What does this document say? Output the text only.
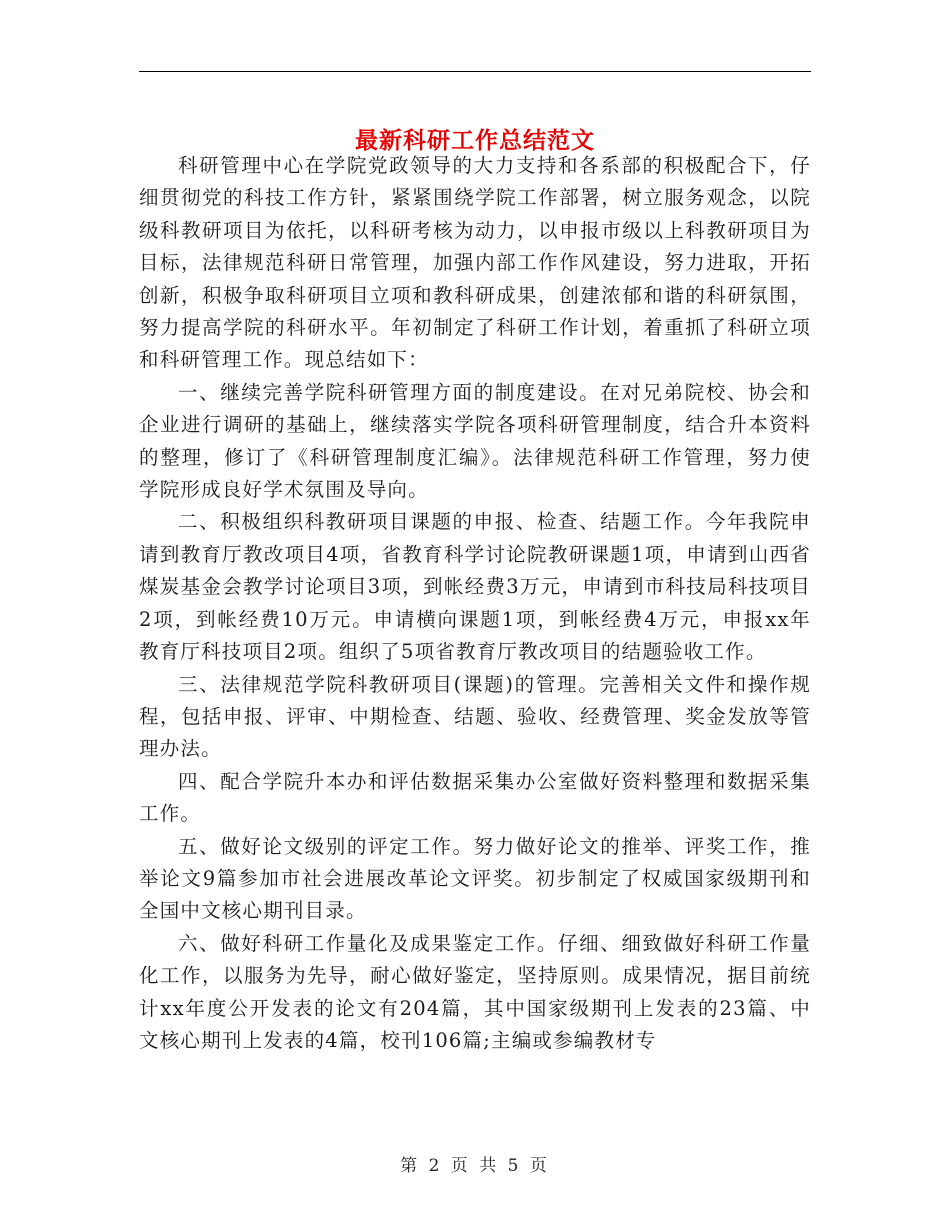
最新科研工作总结范文

科研管理中心在学院党政领导的大力支持和各系部的积极配合下，仔细贯彻党的科技工作方针，紧紧围绕学院工作部署，树立服务观念，以院级科教研项目为依托，以科研考核为动力，以申报市级以上科教研项目为目标，法律规范科研日常管理，加强内部工作作风建设，努力进取，开拓创新，积极争取科研项目立项和教科研成果，创建浓郁和谐的科研氛围，努力提高学院的科研水平。年初制定了科研工作计划，着重抓了科研立项和科研管理工作。现总结如下：

一、继续完善学院科研管理方面的制度建设。在对兄弟院校、协会和企业进行调研的基础上，继续落实学院各项科研管理制度，结合升本资料的整理，修订了《科研管理制度汇编》。法律规范科研工作管理，努力使学院形成良好学术氛围及导向。

二、积极组织科教研项目课题的申报、检查、结题工作。今年我院申请到教育厅教改项目4项，省教育科学讨论院教研课题1项，申请到山西省煤炭基金会教学讨论项目3项，到帐经费3万元，申请到市科技局科技项目2项，到帐经费10万元。申请横向课题1项，到帐经费4万元，申报xx年教育厅科技项目2项。组织了5项省教育厅教改项目的结题验收工作。

三、法律规范学院科教研项目(课题)的管理。完善相关文件和操作规程，包括申报、评审、中期检查、结题、验收、经费管理、奖金发放等管理办法。

四、配合学院升本办和评估数据采集办公室做好资料整理和数据采集工作。

五、做好论文级别的评定工作。努力做好论文的推举、评奖工作，推举论文9篇参加市社会进展改革论文评奖。初步制定了权威国家级期刊和全国中文核心期刊目录。

六、做好科研工作量化及成果鉴定工作。仔细、细致做好科研工作量化工作，以服务为先导，耐心做好鉴定，坚持原则。成果情况，据目前统计xx年度公开发表的论文有204篇，其中国家级期刊上发表的23篇、中文核心期刊上发表的4篇，校刊106篇;主编或参编教材专

第 2 页 共 5 页
